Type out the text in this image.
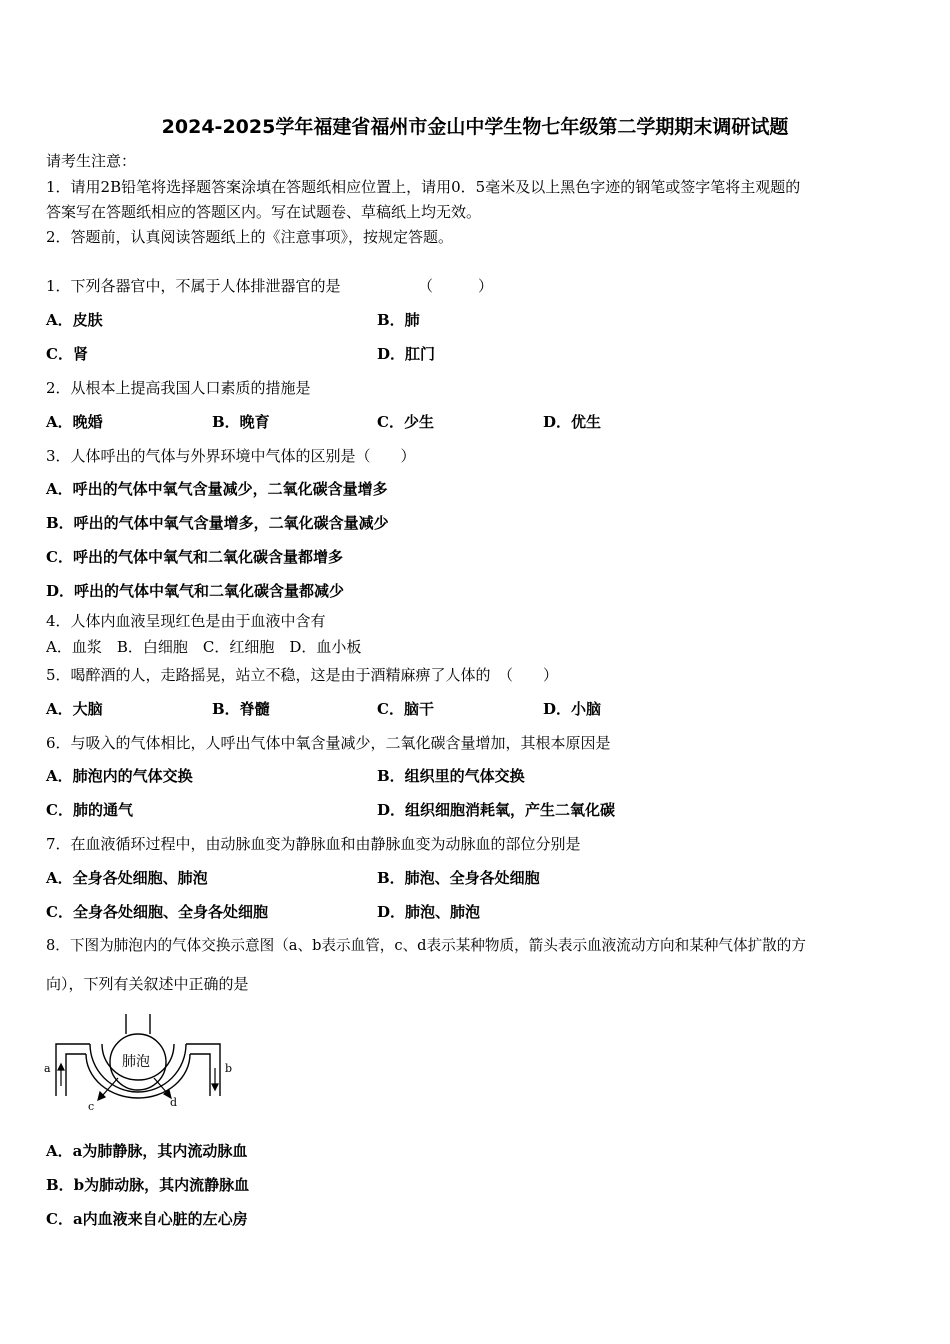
2024-2025学年福建省福州市金山中学生物七年级第二学期期末调研试题
请考生注意：
1．请用2B铅笔将选择题答案涂填在答题纸相应位置上，请用0．5毫米及以上黑色字迹的钢笔或签字笔将主观题的
答案写在答题纸相应的答题区内。写在试题卷、草稿纸上均无效。
2．答题前，认真阅读答题纸上的《注意事项》，按规定答题。
1．下列各器官中，不属于人体排泄器官的是	（　　　）
A．皮肤	B．肺
C．肾	D．肛门
2．从根本上提高我国人口素质的措施是
A．晚婚	B．晚育	C．少生	D．优生
3．人体呼出的气体与外界环境中气体的区别是（　　）
A．呼出的气体中氧气含量减少，二氧化碳含量增多
B．呼出的气体中氧气含量增多，二氧化碳含量减少
C．呼出的气体中氧气和二氧化碳含量都增多
D．呼出的气体中氧气和二氧化碳含量都减少
4．人体内血液呈现红色是由于血液中含有
A．血浆　B．白细胞　C．红细胞　D．血小板
5．喝醉酒的人，走路摇晃，站立不稳，这是由于酒精麻痹了人体的　（　　）
A．大脑	B．脊髓	C．脑干	D．小脑
6．与吸入的气体相比，人呼出气体中氧含量减少，二氧化碳含量增加，其根本原因是
A．肺泡内的气体交换	B．组织里的气体交换
C．肺的通气	D．组织细胞消耗氧，产生二氧化碳
7．在血液循环过程中，由动脉血变为静脉血和由静脉血变为动脉血的部位分别是
A．全身各处细胞、肺泡	B．肺泡、全身各处细胞
C．全身各处细胞、全身各处细胞	D．肺泡、肺泡
8．下图为肺泡内的气体交换示意图（a、b表示血管，c、d表示某种物质，箭头表示血液流动方向和某种气体扩散的方
向），下列有关叙述中正确的是
a	b
c	d
肺泡
A．a为肺静脉，其内流动脉血
B．b为肺动脉，其内流静脉血
C．a内血液来自心脏的左心房
